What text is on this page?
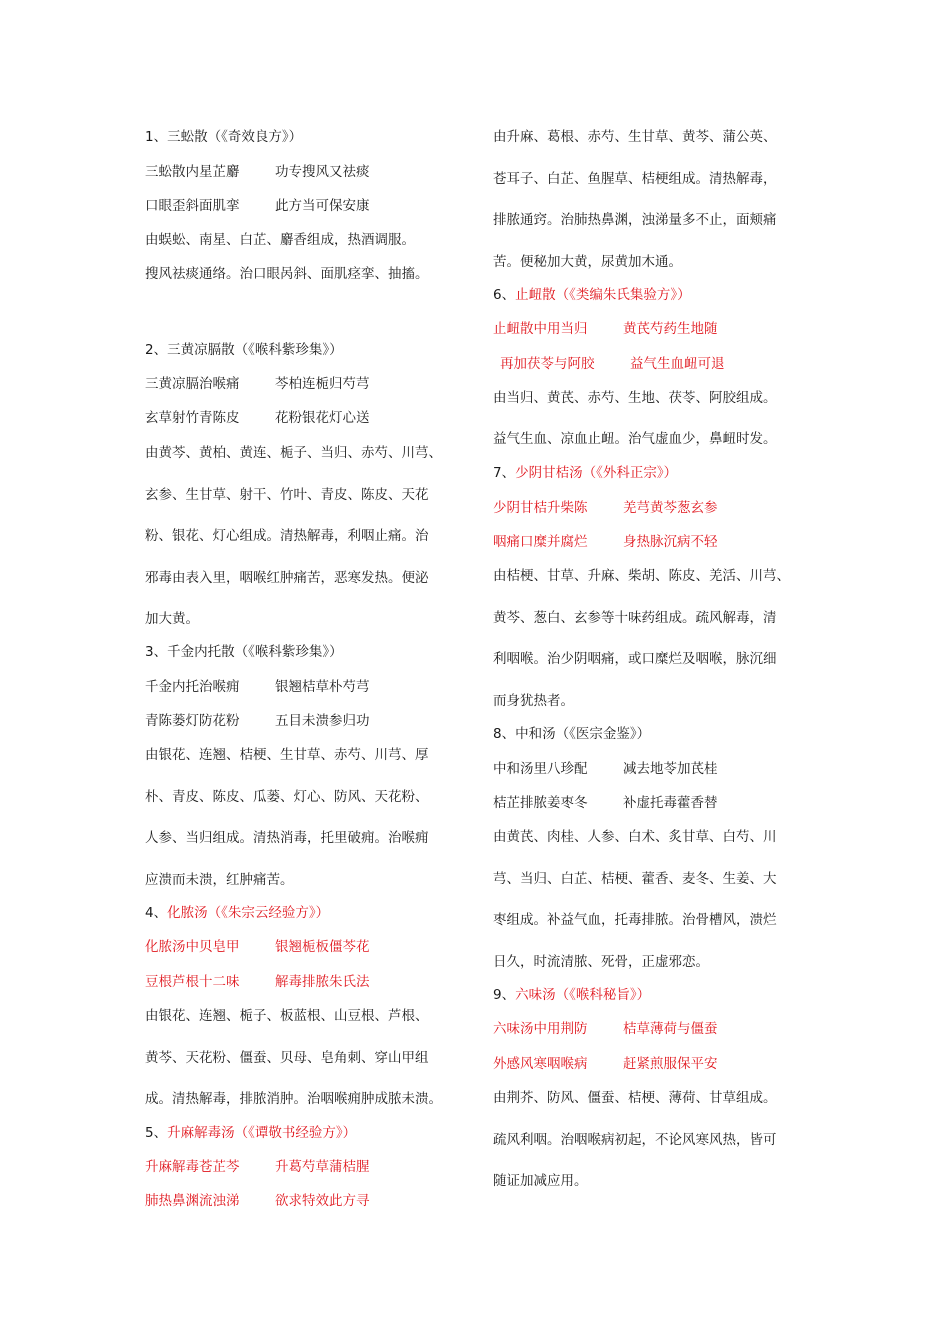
1、三蚣散（《奇效良方》）
三蚣散内星芷麝	功专搜风又祛痰
口眼歪斜面肌挛	此方当可保安康
由蜈蚣、南星、白芷、麝香组成，热酒调服。
搜风祛痰通络。治口眼呙斜、面肌痉挛、抽搐。
2、三黄凉膈散（《喉科紫珍集》）
三黄凉膈治喉痛	芩柏连栀归芍芎
玄草射竹青陈皮	花粉银花灯心送
由黄芩、黄柏、黄连、栀子、当归、赤芍、川芎、
玄参、生甘草、射干、竹叶、青皮、陈皮、天花
粉、银花、灯心组成。清热解毒，利咽止痛。治
邪毒由表入里，咽喉红肿痛苦，恶寒发热。便泌
加大黄。
3、千金内托散（《喉科紫珍集》）
千金内托治喉痈	银翘桔草朴芍芎
青陈蒌灯防花粉	五目未溃参归功
由银花、连翘、桔梗、生甘草、赤芍、川芎、厚
朴、青皮、陈皮、瓜蒌、灯心、防风、天花粉、
人参、当归组成。清热消毒，托里破痈。治喉痈
应溃而未溃，红肿痛苦。
4、化脓汤（《朱宗云经验方》）
化脓汤中贝皂甲	银翘栀板僵芩花
豆根芦根十二味	解毒排脓朱氏法
由银花、连翘、栀子、板蓝根、山豆根、芦根、
黄芩、天花粉、僵蚕、贝母、皂角刺、穿山甲组
成。清热解毒，排脓消肿。治咽喉痈肿成脓未溃。
5、升麻解毒汤（《谭敬书经验方》）
升麻解毒苍芷芩	升葛芍草蒲桔腥
肺热鼻渊流浊涕	欲求特效此方寻
由升麻、葛根、赤芍、生甘草、黄芩、蒲公英、
苍耳子、白芷、鱼腥草、桔梗组成。清热解毒，
排脓通窍。治肺热鼻渊，浊涕量多不止，面颊痛
苦。便秘加大黄，尿黄加木通。
6、止衄散（《类编朱氏集验方》）
止衄散中用当归	黄芪芍药生地随
再加茯苓与阿胶	益气生血衄可退
由当归、黄芪、赤芍、生地、茯苓、阿胶组成。
益气生血、凉血止衄。治气虚血少，鼻衄时发。
7、少阴甘桔汤（《外科正宗》）
少阴甘桔升柴陈	羌芎黄芩葱玄参
咽痛口糜并腐烂	身热脉沉病不轻
由桔梗、甘草、升麻、柴胡、陈皮、羌活、川芎、
黄芩、葱白、玄参等十味药组成。疏风解毒，清
利咽喉。治少阴咽痛，或口糜烂及咽喉，脉沉细
而身犹热者。
8、中和汤（《医宗金鉴》）
中和汤里八珍配	减去地苓加芪桂
桔芷排脓姜枣冬	补虚托毒藿香替
由黄芪、肉桂、人参、白术、炙甘草、白芍、川
芎、当归、白芷、桔梗、藿香、麦冬、生姜、大
枣组成。补益气血，托毒排脓。治骨槽风，溃烂
日久，时流清脓、死骨，正虚邪恋。
9、六味汤（《喉科秘旨》）
六味汤中用荆防	桔草薄荷与僵蚕
外感风寒咽喉病	赶紧煎服保平安
由荆芥、防风、僵蚕、桔梗、薄荷、甘草组成。
疏风利咽。治咽喉病初起，不论风寒风热，皆可
随证加减应用。
